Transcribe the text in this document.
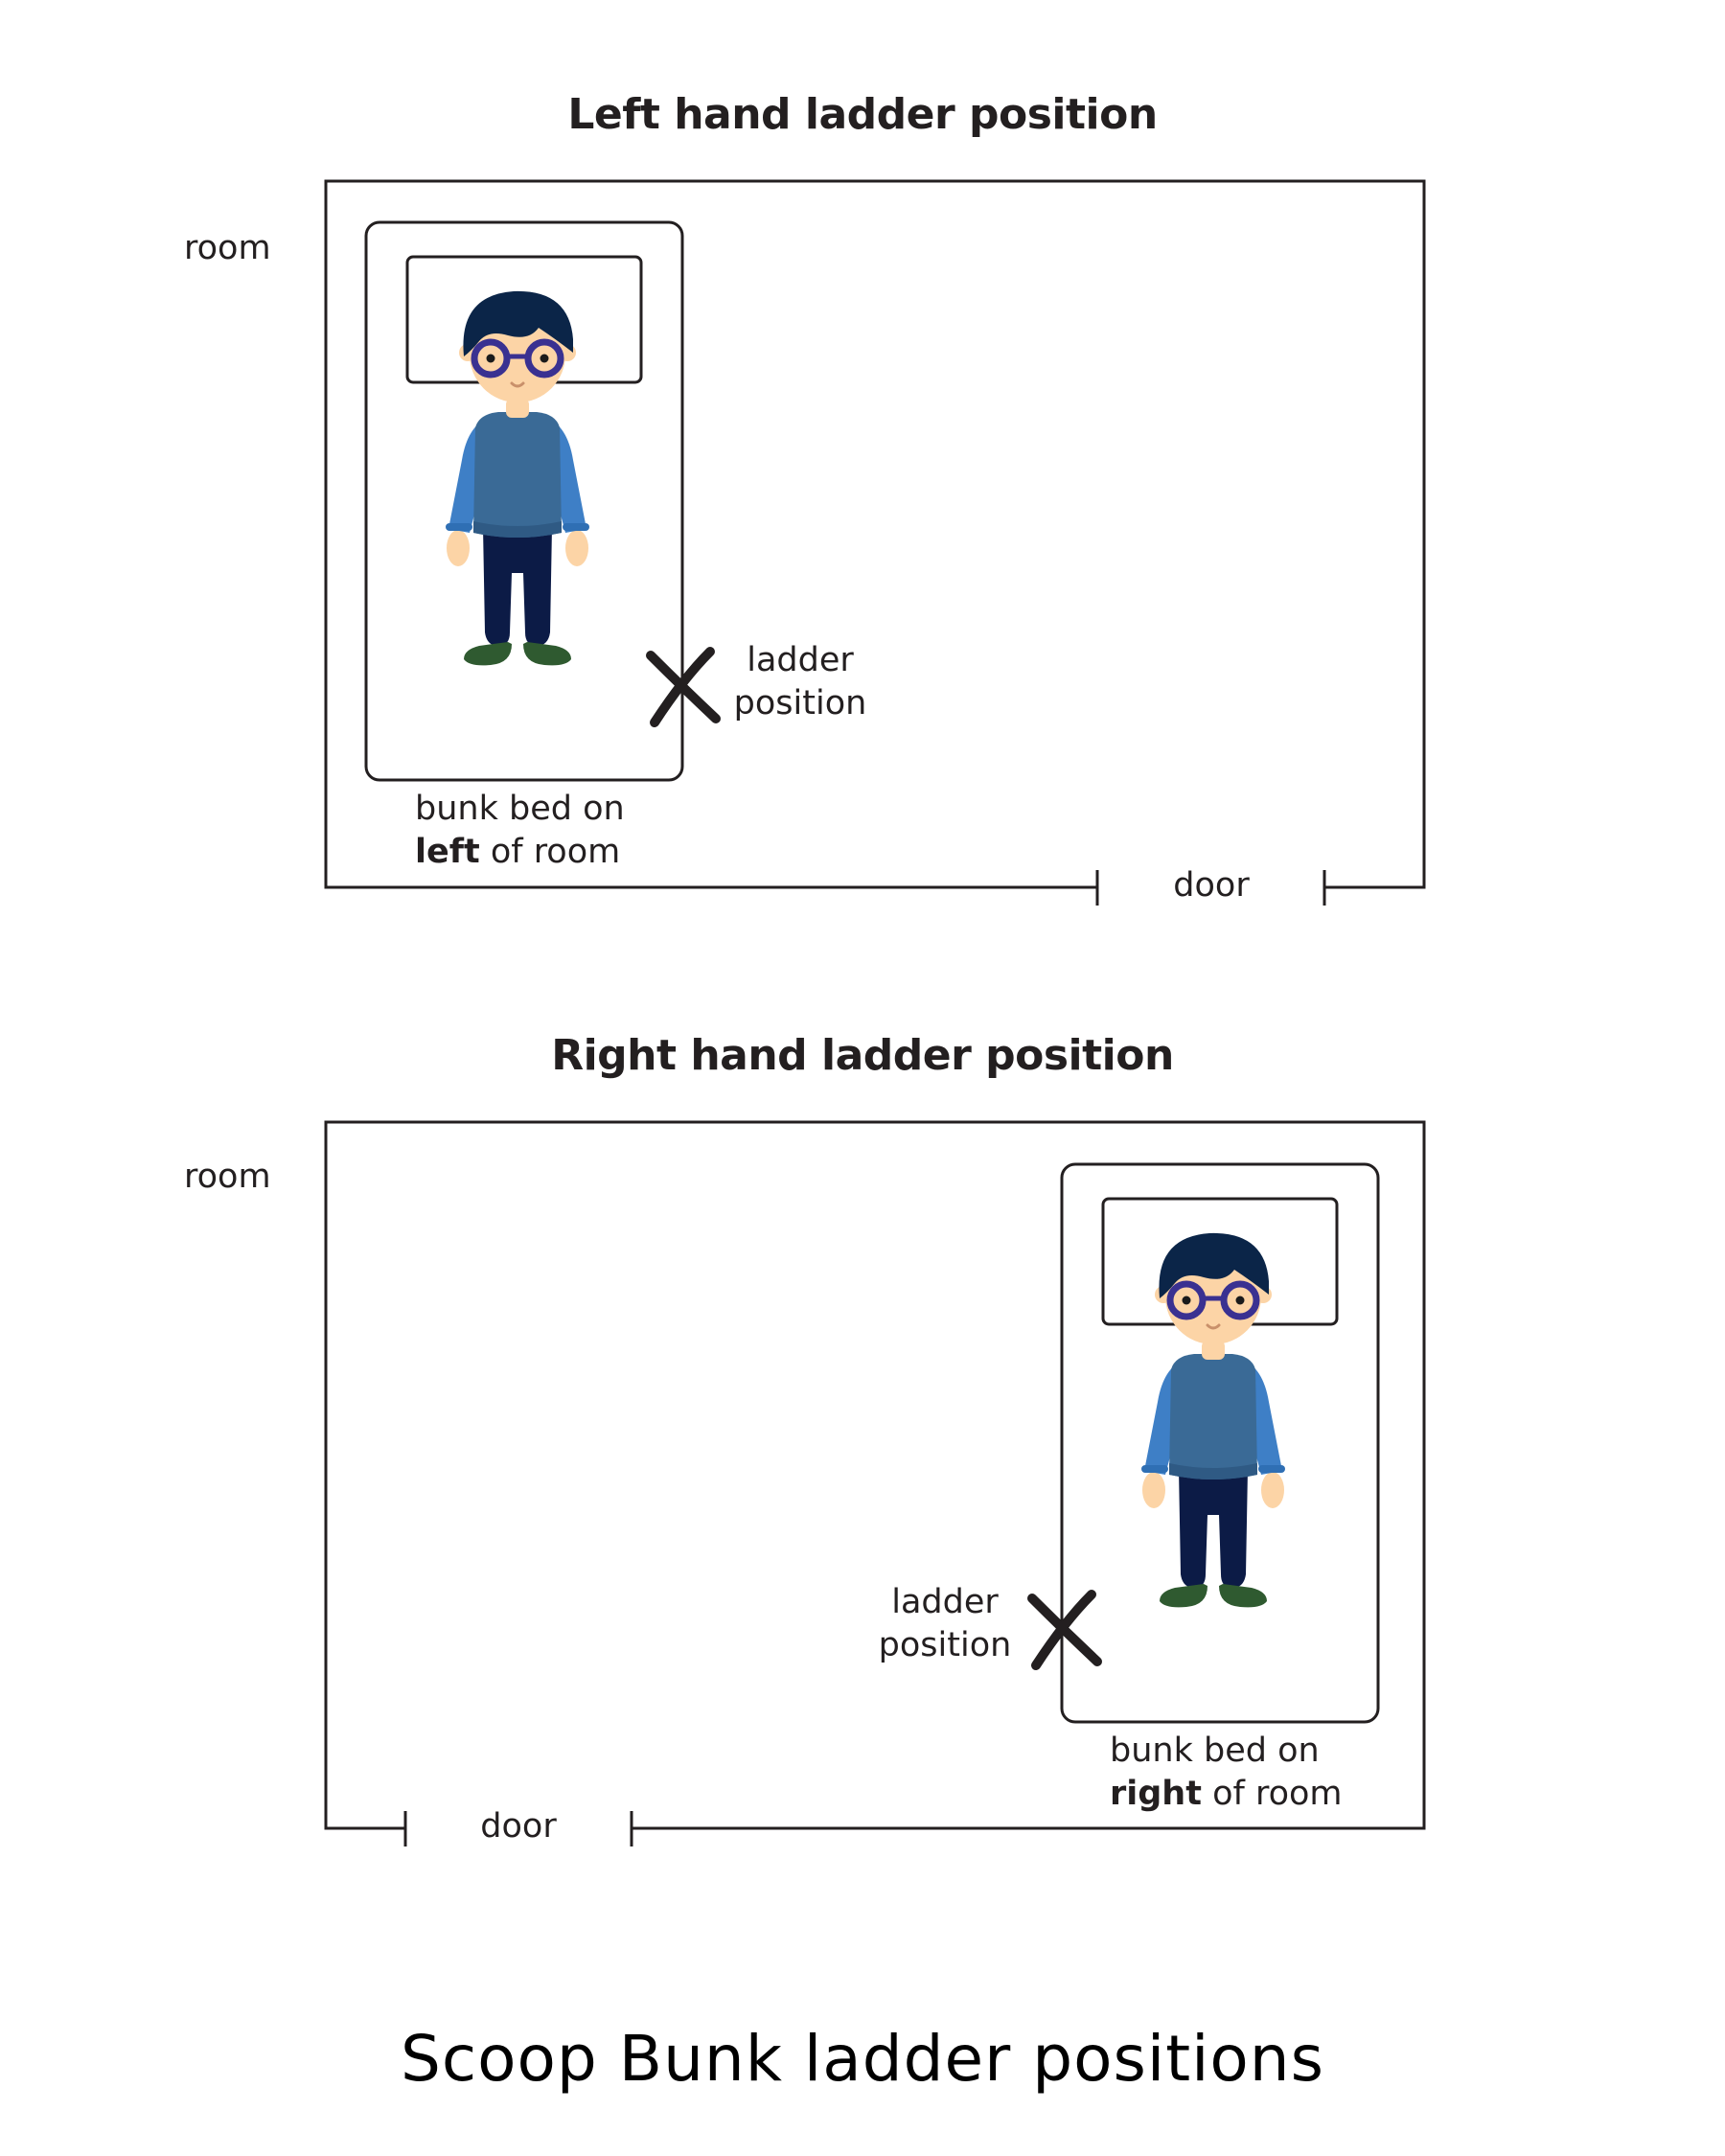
Left hand ladder position
room
ladder
position
bunk bed on
left of room
door
Right hand ladder position
room
ladder
position
bunk bed on
right of room
door
Scoop Bunk ladder positions
